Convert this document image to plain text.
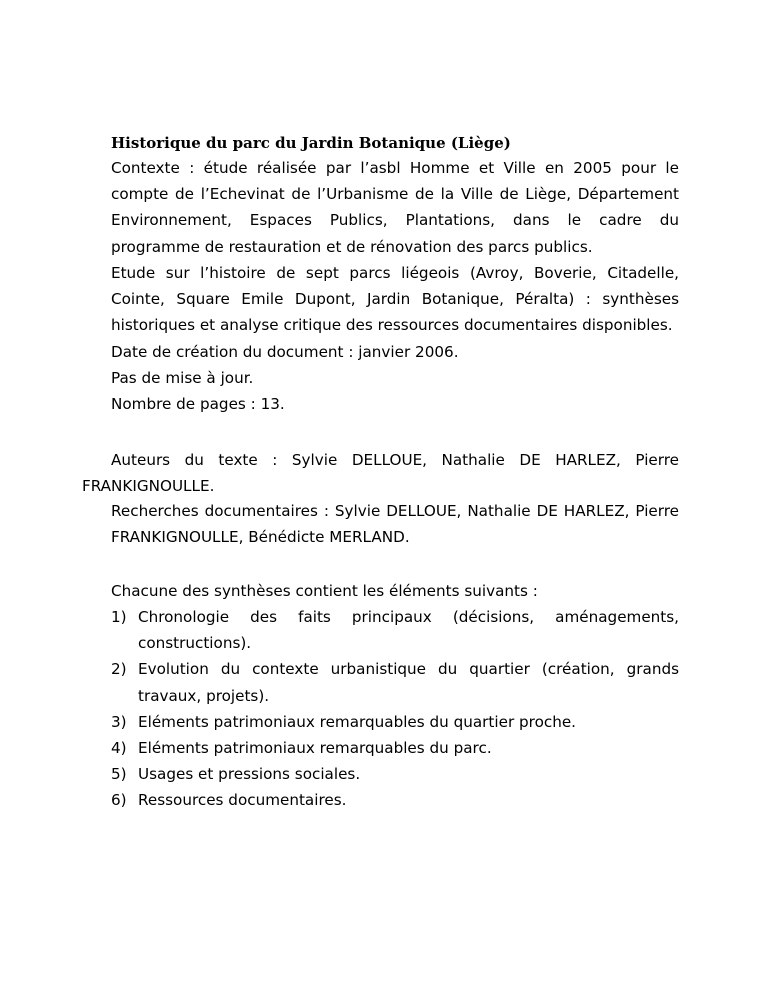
Historique du parc du Jardin Botanique (Liège)

Contexte : étude réalisée par l’asbl Homme et Ville en 2005 pour le compte de l’Echevinat de l’Urbanisme de la Ville de Liège, Département Environnement, Espaces Publics, Plantations, dans le cadre du programme de restauration et de rénovation des parcs publics.

Etude sur l’histoire de sept parcs liégeois (Avroy, Boverie, Citadelle, Cointe, Square Emile Dupont, Jardin Botanique, Péralta) : synthèses historiques et analyse critique des ressources documentaires disponibles.

Date de création du document : janvier 2006.

Pas de mise à jour.

Nombre de pages : 13.

Auteurs du texte : Sylvie DELLOUE, Nathalie DE HARLEZ, Pierre FRANKIGNOULLE.

Recherches documentaires : Sylvie DELLOUE, Nathalie DE HARLEZ, Pierre FRANKIGNOULLE, Bénédicte MERLAND.

Chacune des synthèses contient les éléments suivants :

1) Chronologie des faits principaux (décisions, aménagements, constructions).
2) Evolution du contexte urbanistique du quartier (création, grands travaux, projets).
3) Eléments patrimoniaux remarquables du quartier proche.
4) Eléments patrimoniaux remarquables du parc.
5) Usages et pressions sociales.
6) Ressources documentaires.
